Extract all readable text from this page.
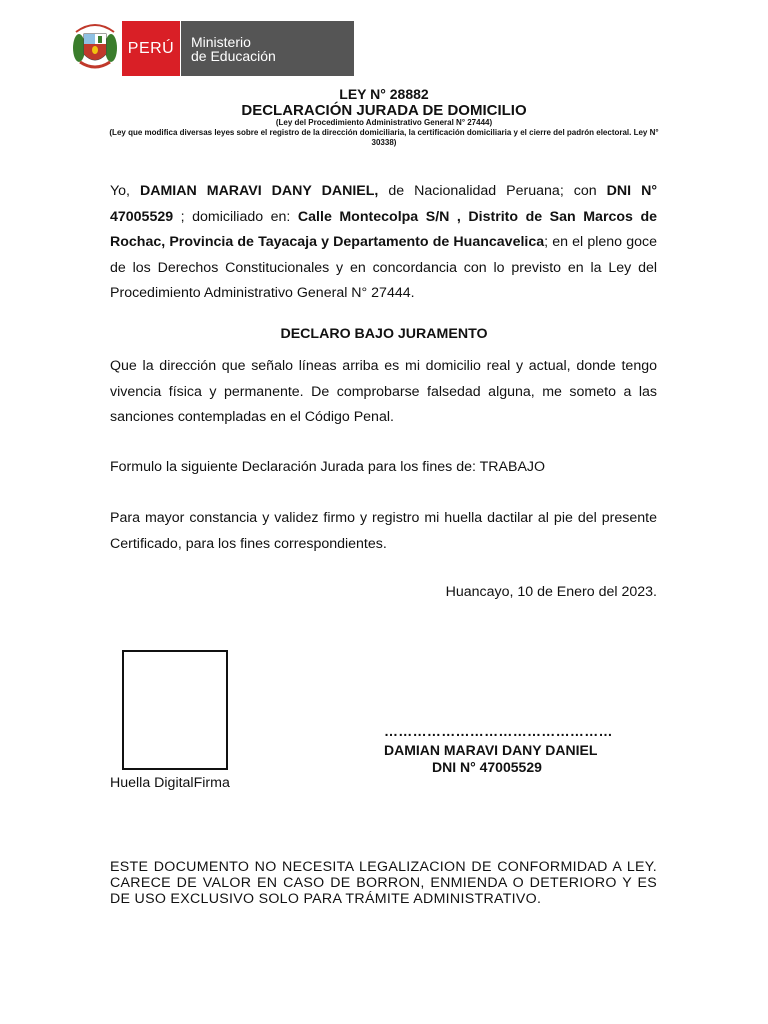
PERÚ Ministerio
de Educación
LEY N° 28882
DECLARACIÓN JURADA DE DOMICILIO
(Ley del Procedimiento Administrativo General N° 27444)
(Ley que modifica diversas leyes sobre el registro de la dirección domiciliaria, la certificación domiciliaria y el cierre del padrón electoral. Ley N° 30338)
Yo, DAMIAN MARAVI DANY DANIEL, de Nacionalidad Peruana; con DNI N° 47005529 ; domiciliado en: Calle Montecolpa S/N , Distrito de San Marcos de Rochac, Provincia de Tayacaja y Departamento de Huancavelica; en el pleno goce de los Derechos Constitucionales y en concordancia con lo previsto en la Ley del Procedimiento Administrativo General N° 27444.
DECLARO BAJO JURAMENTO
Que la dirección que señalo líneas arriba es mi domicilio real y actual, donde tengo vivencia física y permanente. De comprobarse falsedad alguna, me someto a las sanciones contempladas en el Código Penal.
Formulo la siguiente Declaración Jurada para los fines de: TRABAJO
Para mayor constancia y validez firmo y registro mi huella dactilar al pie del presente Certificado, para los fines correspondientes.
Huancayo, 10 de Enero del 2023.
Huella DigitalFirma
…………………………………………
DAMIAN MARAVI DANY DANIEL
DNI N° 47005529
ESTE DOCUMENTO NO NECESITA LEGALIZACION DE CONFORMIDAD A LEY. CARECE DE VALOR EN CASO DE BORRON, ENMIENDA O DETERIORO Y ES DE USO EXCLUSIVO SOLO PARA TRÁMITE ADMINISTRATIVO.
